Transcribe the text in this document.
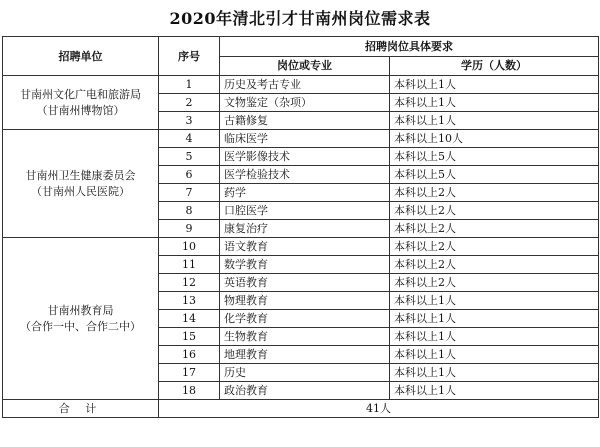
2020年清北引才甘南州岗位需求表
招聘单位	序号	招聘岗位具体要求	
		岗位或专业	学历（人数）
甘南州文化广电和旅游局
（甘南州博物馆）	1	历史及考古专业	本科以上1人
	2	文物鉴定（杂项）	本科以上1人
	3	古籍修复	本科以上1人
甘南州卫生健康委员会
（甘南州人民医院）	4	临床医学	本科以上10人
	5	医学影像技术	本科以上5人
	6	医学检验技术	本科以上5人
	7	药学	本科以上2人
	8	口腔医学	本科以上2人
	9	康复治疗	本科以上2人
甘南州教育局
（合作一中、合作二中）	10	语文教育	本科以上2人
	11	数学教育	本科以上2人
	12	英语教育	本科以上2人
	13	物理教育	本科以上1人
	14	化学教育	本科以上1人
	15	生物教育	本科以上1人
	16	地理教育	本科以上1人
	17	历史	本科以上1人
	18	政治教育	本科以上1人
合 计	41人		
